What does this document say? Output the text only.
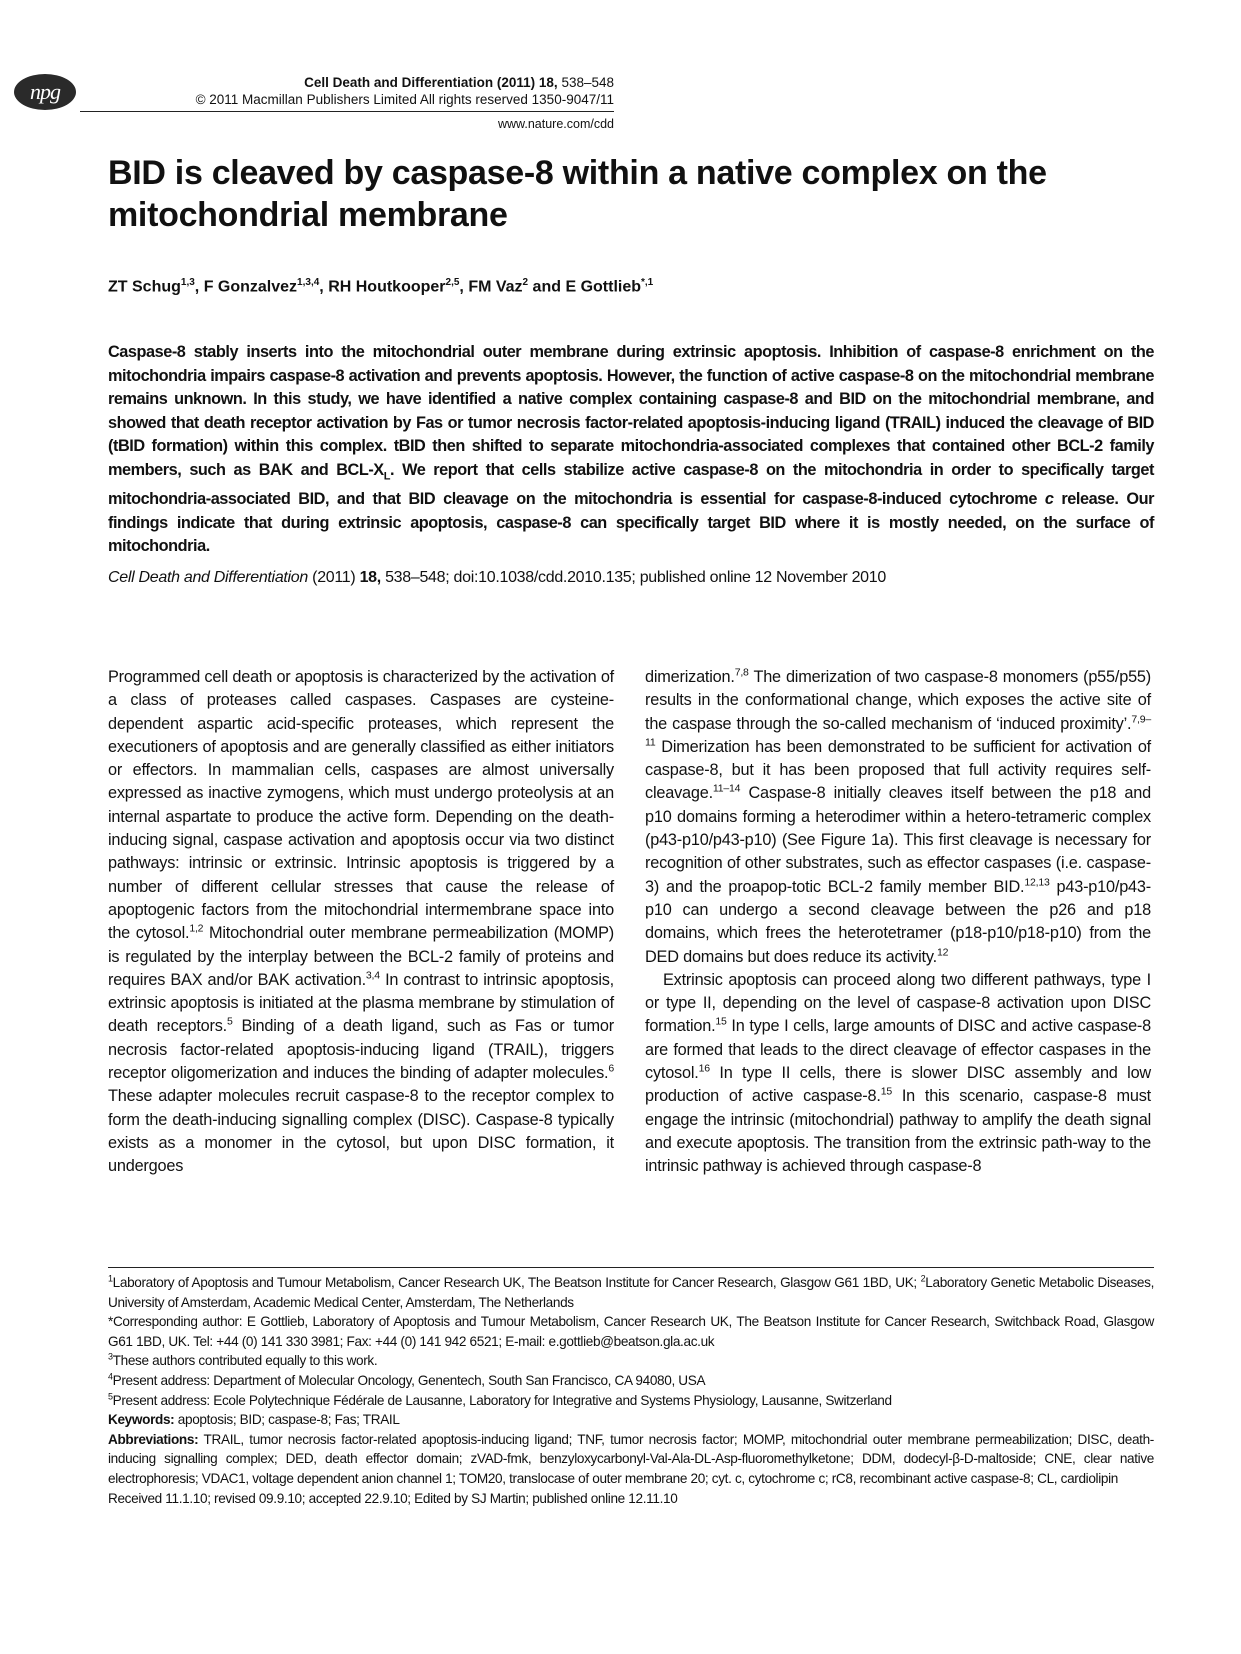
npg	Cell Death and Differentiation (2011) 18, 538–548
© 2011 Macmillan Publishers Limited All rights reserved 1350-9047/11
www.nature.com/cdd
BID is cleaved by caspase-8 within a native complex on the mitochondrial membrane
ZT Schug$^{1,3}$, F Gonzalvez$^{1,3,4}$, RH Houtkooper$^{2,5}$, FM Vaz$^2$ and E Gottlieb$^{*,1}$
Caspase-8 stably inserts into the mitochondrial outer membrane during extrinsic apoptosis. Inhibition of caspase-8 enrichment on the mitochondria impairs caspase-8 activation and prevents apoptosis. However, the function of active caspase-8 on the mitochondrial membrane remains unknown. In this study, we have identified a native complex containing caspase-8 and BID on the mitochondrial membrane, and showed that death receptor activation by Fas or tumor necrosis factor-related apoptosis-inducing ligand (TRAIL) induced the cleavage of BID (tBID formation) within this complex. tBID then shifted to separate mitochondria-associated complexes that contained other BCL-2 family members, such as BAK and BCL-$X_L$. We report that cells stabilize active caspase-8 on the mitochondria in order to specifically target mitochondria-associated BID, and that BID cleavage on the mitochondria is essential for caspase-8-induced cytochrome c release. Our findings indicate that during extrinsic apoptosis, caspase-8 can specifically target BID where it is mostly needed, on the surface of mitochondria.
Cell Death and Differentiation (2011) 18, 538–548; doi:10.1038/cdd.2010.135; published online 12 November 2010

Programmed cell death or apoptosis is characterized by the activation of a class of proteases called caspases. Caspases are cysteine-dependent aspartic acid-specific proteases, which represent the executioners of apoptosis and are generally classified as either initiators or effectors. In mammalian cells, caspases are almost universally expressed as inactive zymogens, which must undergo proteolysis at an internal aspartate to produce the active form. Depending on the death-inducing signal, caspase activation and apoptosis occur via two distinct pathways: intrinsic or extrinsic. Intrinsic apoptosis is triggered by a number of different cellular stresses that cause the release of apoptogenic factors from the mitochondrial intermembrane space into the cytosol.$^{1,2}$ Mitochondrial outer membrane permeabilization (MOMP) is regulated by the interplay between the BCL-2 family of proteins and requires BAX and/or BAK activation.$^{3,4}$ In contrast to intrinsic apoptosis, extrinsic apoptosis is initiated at the plasma membrane by stimulation of death receptors.$^5$ Binding of a death ligand, such as Fas or tumor necrosis factor-related apoptosis-inducing ligand (TRAIL), triggers receptor oligomerization and induces the binding of adapter molecules.$^6$ These adapter molecules recruit caspase-8 to the receptor complex to form the death-inducing signalling complex (DISC). Caspase-8 typically exists as a monomer in the cytosol, but upon DISC formation, it undergoes

dimerization.$^{7,8}$ The dimerization of two caspase-8 monomers (p55/p55) results in the conformational change, which exposes the active site of the caspase through the so-called mechanism of ‘induced proximity’.$^{7,9-11}$ Dimerization has been demonstrated to be sufficient for activation of caspase-8, but it has been proposed that full activity requires self-cleavage.$^{11-14}$ Caspase-8 initially cleaves itself between the p18 and p10 domains forming a heterodimer within a hetero-tetrameric complex (p43-p10/p43-p10) (See Figure 1a). This first cleavage is necessary for recognition of other substrates, such as effector caspases (i.e. caspase-3) and the proapop-totic BCL-2 family member BID.$^{12,13}$ p43-p10/p43-p10 can undergo a second cleavage between the p26 and p18 domains, which frees the heterotetramer (p18-p10/p18-p10) from the DED domains but does reduce its activity.$^{12}$

Extrinsic apoptosis can proceed along two different pathways, type I or type II, depending on the level of caspase-8 activation upon DISC formation.$^{15}$ In type I cells, large amounts of DISC and active caspase-8 are formed that leads to the direct cleavage of effector caspases in the cytosol.$^{16}$ In type II cells, there is slower DISC assembly and low production of active caspase-8.15 In this scenario, caspase-8 must engage the intrinsic (mitochondrial) pathway to amplify the death signal and execute apoptosis. The transition from the extrinsic path-way to the intrinsic pathway is achieved through caspase-8

$^1$Laboratory of Apoptosis and Tumour Metabolism, Cancer Research UK, The Beatson Institute for Cancer Research, Glasgow G61 1BD, UK; $^2$Laboratory Genetic Metabolic Diseases, University of Amsterdam, Academic Medical Center, Amsterdam, The Netherlands

*Corresponding author: E Gottlieb, Laboratory of Apoptosis and Tumour Metabolism, Cancer Research UK, The Beatson Institute for Cancer Research, Switchback Road, Glasgow G61 1BD, UK. Tel: +44 (0) 141 330 3981; Fax: +44 (0) 141 942 6521; E-mail: e.gottlieb@beatson.gla.ac.uk

$^3$These authors contributed equally to this work.

$^4$Present address: Department of Molecular Oncology, Genentech, South San Francisco, CA 94080, USA

$^5$Present address: Ecole Polytechnique Fédérale de Lausanne, Laboratory for Integrative and Systems Physiology, Lausanne, Switzerland

Keywords: apoptosis; BID; caspase-8; Fas; TRAIL

Abbreviations: TRAIL, tumor necrosis factor-related apoptosis-inducing ligand; TNF, tumor necrosis factor; MOMP, mitochondrial outer membrane permeabilization; DISC, death-inducing signalling complex; DED, death effector domain; zVAD-fmk, benzyloxycarbonyl-Val-Ala-DL-Asp-fluoromethylketone; DDM, dodecyl-β-D-maltoside; CNE, clear native electrophoresis; VDAC1, voltage dependent anion channel 1; TOM20, translocase of outer membrane 20; cyt. c, cytochrome c; rC8, recombinant active caspase-8; CL, cardiolipin

Received 11.1.10; revised 09.9.10; accepted 22.9.10; Edited by SJ Martin; published online 12.11.10
